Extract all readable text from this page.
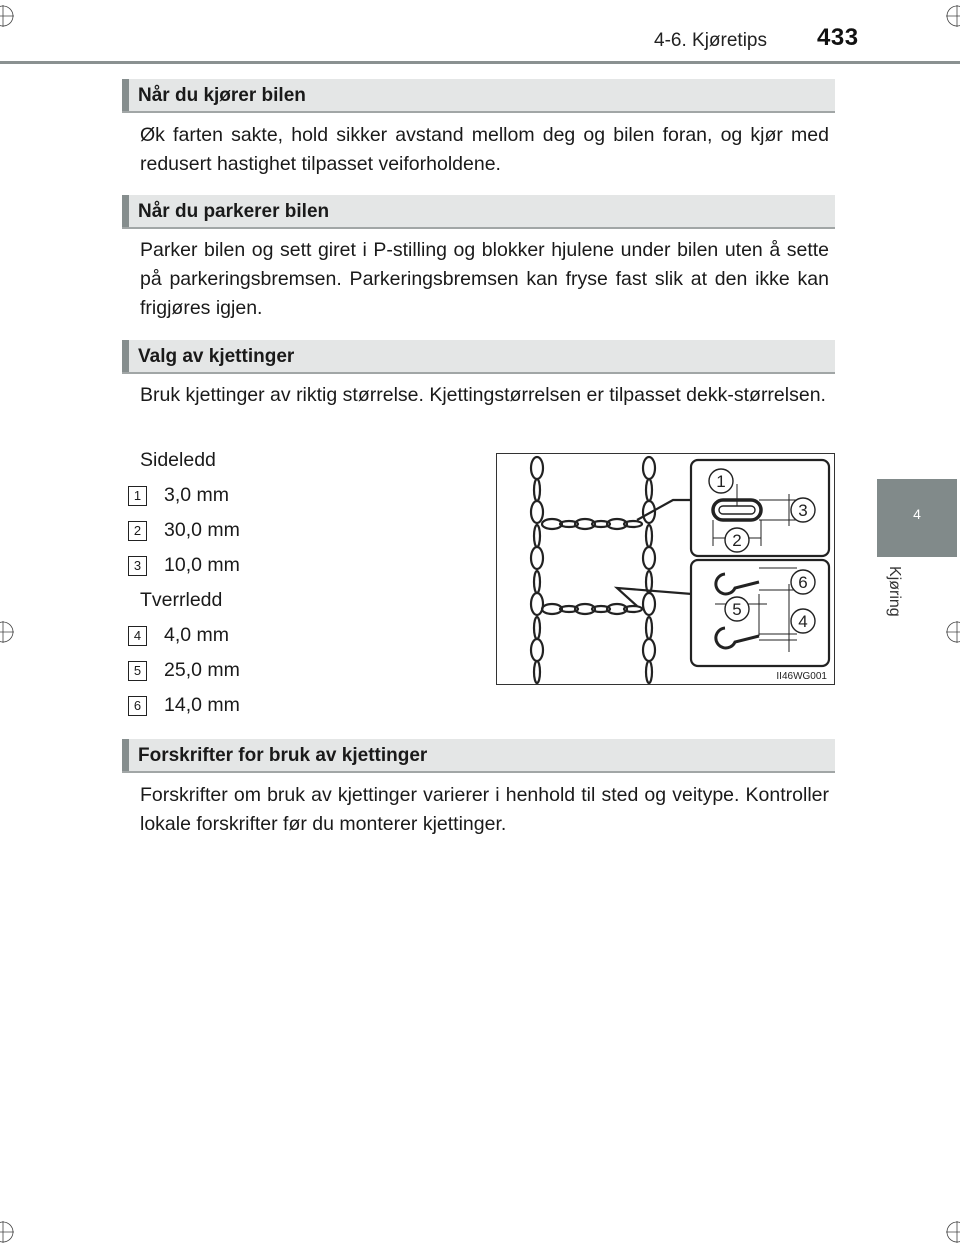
4-6. Kjøretips 433
4
Kjøring
Når du kjører bilen
Øk farten sakte, hold sikker avstand mellom deg og bilen foran, og kjør med redusert hastighet tilpasset veiforholdene.
Når du parkerer bilen
Parker bilen og sett giret i P-stilling og blokker hjulene under bilen uten å sette på parkeringsbremsen. Parkeringsbremsen kan fryse fast slik at den ikke kan frigjøres igjen.
Valg av kjettinger
Bruk kjettinger av riktig størrelse. Kjettingstørrelsen er tilpasset dekk-størrelsen.
Sideledd
1	3,0 mm
2	30,0 mm
3	10,0 mm
Tverrledd
4	4,0 mm
5	25,0 mm
6	14,0 mm
1
2
3
4
5
6
II46WG001
Forskrifter for bruk av kjettinger
Forskrifter om bruk av kjettinger varierer i henhold til sted og veitype. Kontroller lokale forskrifter før du monterer kjettinger.
